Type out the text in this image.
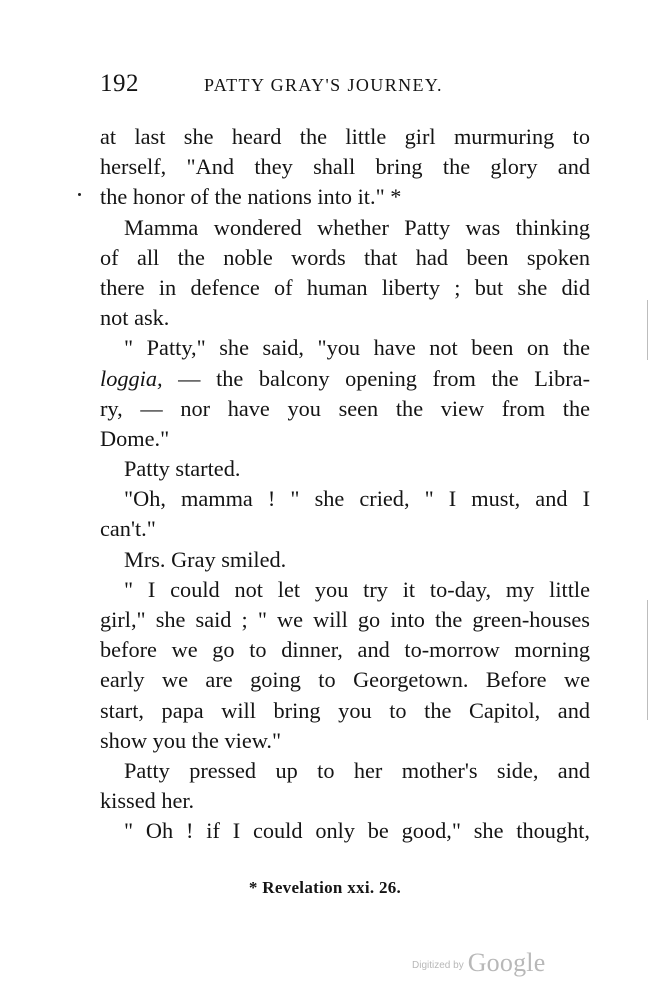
192	PATTY GRAY'S JOURNEY.
at last she heard the little girl murmuring to
herself, "And they shall bring the glory and
the honor of the nations into it." *
Mamma wondered whether Patty was thinking
of all the noble words that had been spoken
there in defence of human liberty ; but she did
not ask.
" Patty," she said, "you have not been on the
loggia, — the balcony opening from the Libra-
ry, — nor have you seen the view from the
Dome."
Patty started.
"Oh, mamma ! " she cried, " I must, and I
can't."
Mrs. Gray smiled.
" I could not let you try it to-day, my little
girl," she said ; " we will go into the green-houses
before we go to dinner, and to-morrow morning
early we are going to Georgetown. Before we
start, papa will bring you to the Capitol, and
show you the view."
Patty pressed up to her mother's side, and
kissed her.
" Oh ! if I could only be good," she thought,
* Revelation xxi. 26.
Digitized by Google
